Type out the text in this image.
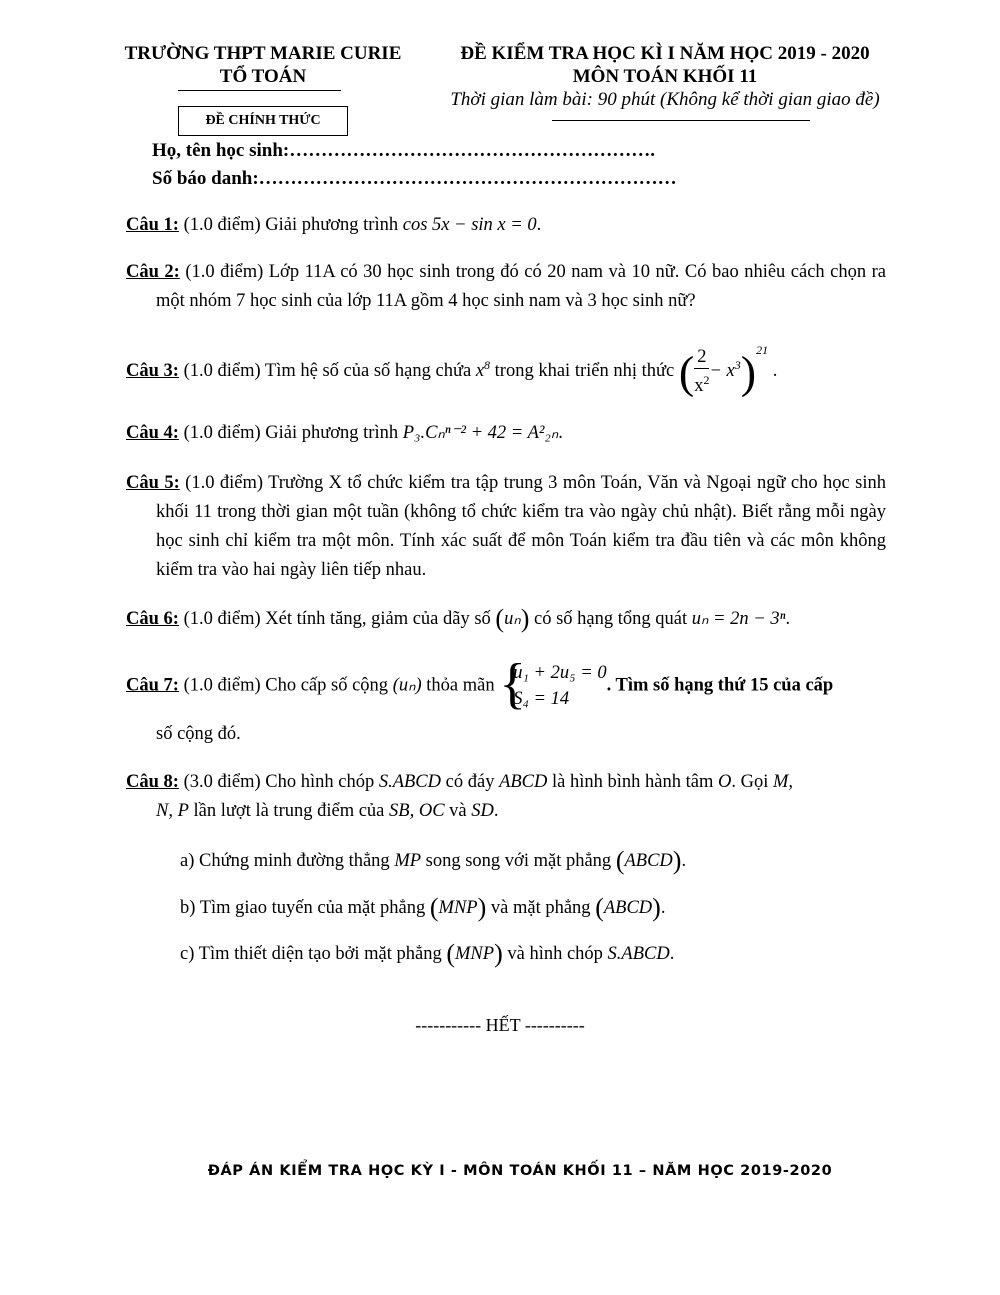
TRƯỜNG THPT MARIE CURIE
TỔ TOÁN
ĐỀ KIỂM TRA HỌC KÌ I NĂM HỌC 2019 - 2020
MÔN TOÁN KHỐI 11
Thời gian làm bài: 90 phút (Không kể thời gian giao đề)
ĐỀ CHÍNH THỨC
Họ, tên học sinh:………………………………………………….
Số báo danh:…………………………………………………………
Câu 1: (1.0 điểm) Giải phương trình cos 5x − sin x = 0.
Câu 2: (1.0 điểm) Lớp 11A có 30 học sinh trong đó có 20 nam và 10 nữ. Có bao nhiêu cách chọn ra một nhóm 7 học sinh của lớp 11A gồm 4 học sinh nam và 3 học sinh nữ?
Câu 3: (1.0 điểm) Tìm hệ số của số hạng chứa $x^8$ trong khai triển nhị thức ( $\frac{2}{x^2} - x^3)^{21}$ .
Câu 4: (1.0 điểm) Giải phương trình P₃.Cₙⁿ⁻² + 42 = A²₂ₙ.
Câu 5: (1.0 điểm) Trường X tổ chức kiểm tra tập trung 3 môn Toán, Văn và Ngoại ngữ cho học sinh khối 11 trong thời gian một tuần (không tổ chức kiểm tra vào ngày chủ nhật). Biết rằng mỗi ngày học sinh chỉ kiểm tra một môn. Tính xác suất để môn Toán kiểm tra đầu tiên và các môn không kiểm tra vào hai ngày liên tiếp nhau.
Câu 6: (1.0 điểm) Xét tính tăng, giảm của dãy số (uₙ) có số hạng tổng quát uₙ = 2n − 3ⁿ.
Câu 7: (1.0 điểm) Cho cấp số cộng (uₙ) thỏa mãn {
u₁ + 2u₅ = 0
S₄ = 14
. Tìm số hạng thứ 15 của cấp
số cộng đó.
Câu 8: (3.0 điểm) Cho hình chóp S.ABCD có đáy ABCD là hình bình hành tâm O. Gọi M,
N, P lần lượt là trung điểm của SB, OC và SD.
a) Chứng minh đường thẳng MP song song với mặt phẳng (ABCD).
b) Tìm giao tuyến của mặt phẳng (MNP) và mặt phẳng (ABCD).
c) Tìm thiết diện tạo bởi mặt phẳng (MNP) và hình chóp S.ABCD.
----------- HẾT ----------
ĐÁP ÁN KIỂM TRA HỌC KỲ I - MÔN TOÁN KHỐI 11 – NĂM HỌC 2019-2020
